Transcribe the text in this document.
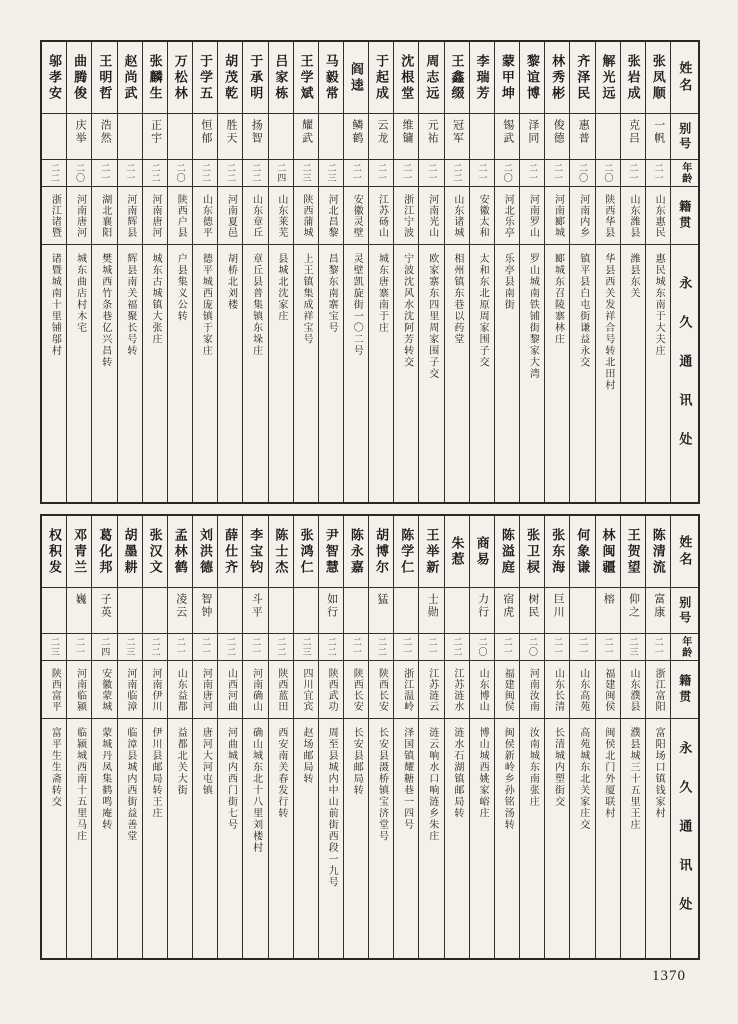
姓名
别号
年龄
籍贯
永久通讯处
张凤顺
一帆
二一
山东惠民
惠民城东南于大夫庄
张岩成
克吕
二一
山东潍县
潍县东关
解光远
二〇
陕西华县
华县西关发祥合号转北田村
齐泽民
惠普
二〇
河南内乡
镇平县白屯街谦益永交
林秀彬
俊德
二一
河南郾城
郾城东召陵寨林庄
黎谊博
泽同
二一
河南罗山
罗山城南铁铺街黎家大湾
蒙甲坤
锡武
二〇
河北乐亭
乐亭县南街
李瑞芳
二一
安徽太和
太和东北原周家围子交
王鑫缀
冠军
二二
山东诸城
相州镇东巷以药堂
周志远
元祐
二一
河南光山
欧家寨东四里周家围子交
沈根堂
维镛
二一
浙江宁波
宁波沈风水沈阿芳转交
于起成
云龙
二一
江苏砀山
城东唐寨南于庄
阎逵
鳞鹤
二一
安徽灵壁
灵壁凯旋街一〇二号
马毅常
二三
河北昌黎
昌黎东南寨宝号
王学斌
耀武
二三
陕西蒲城
上王镇集成祥宝号
吕家栋
二四
山东莱芜
县城北沈家庄
于承明
扬智
二二
山东章丘
章丘县普集镇东垛庄
胡茂乾
胜天
二二
河南夏邑
胡桥北刘楼
于学五
恒郁
二二
山东德平
德平城西庞镇于家庄
万松林
二〇
陕西户县
户县集义公转
张麟生
正宇
二二
河南唐河
城东古城镇大张庄
赵尚武
二一
河南辉县
辉县南关福聚长号转
王明哲
浩然
二一
湖北襄阳
樊城西竹条巷亿兴昌转
曲腾俊
庆举
二〇
河南唐河
城东曲店村木宅
邬孝安
二二
浙江诸暨
诸暨城南十里铺邬村
姓名
别号
年龄
籍贯
永久通讯处
陈清流
富康
二一
浙江富阳
富阳场口镇钱家村
王贺望
仰之
二三
山东濮县
濮县城三十五里王庄
林闽疆
榕
二一
福建闽侯
闽侯北门外厦联村
何象谦
二一
山东高苑
高苑城东北关家庄交
张东海
巨川
二一
山东长清
长清城内塑街交
张卫棂
树民
二〇
河南汝南
汝南城东南张庄
陈溢庭
宿虎
二一
福建闽侯
闽侯新岭乡孙铭汤转
商易
力行
二〇
山东博山
博山城西姚家峪庄
朱惹
二二
江苏涟水
涟水石湖镇邮局转
王举新
士勋
二一
江苏涟云
涟云响水口响涟乡朱庄
陈学仁
二一
浙江温岭
泽国镇耀糖巷一四号
胡博尔
猛
二二
陕西长安
长安县滠桥镇宝济堂号
陈永嘉
二一
陕西长安
长安县邮局转
尹智慧
如行
二二
陕西武功
周至县城内中山前街西段一九号
张鸿仁
二三
四川宜宾
赵场邮局转
陈士杰
二二
陕西蓝田
西安南关春发行转
李宝钧
斗平
二一
河南确山
确山城东北十八里刘楼村
薛仕齐
二二
山西河曲
河曲城内西门街七号
刘洪德
智钟
二一
河南唐河
唐河大河屯镇
孟林鹤
凌云
二一
山东益都
益都北关大街
张汉文
二二
河南伊川
伊川县邮局转王庄
胡墨耕
二三
河南临漳
临漳县城内西街益善堂
葛化邦
子英
二四
安徽蒙城
蒙城丹凤集鹤鸣庵转
邓青兰
巍
二一
河南临颍
临颍城西南十五里马庄
权积发
二三
陕西富平
富平生生斋转交
1370
